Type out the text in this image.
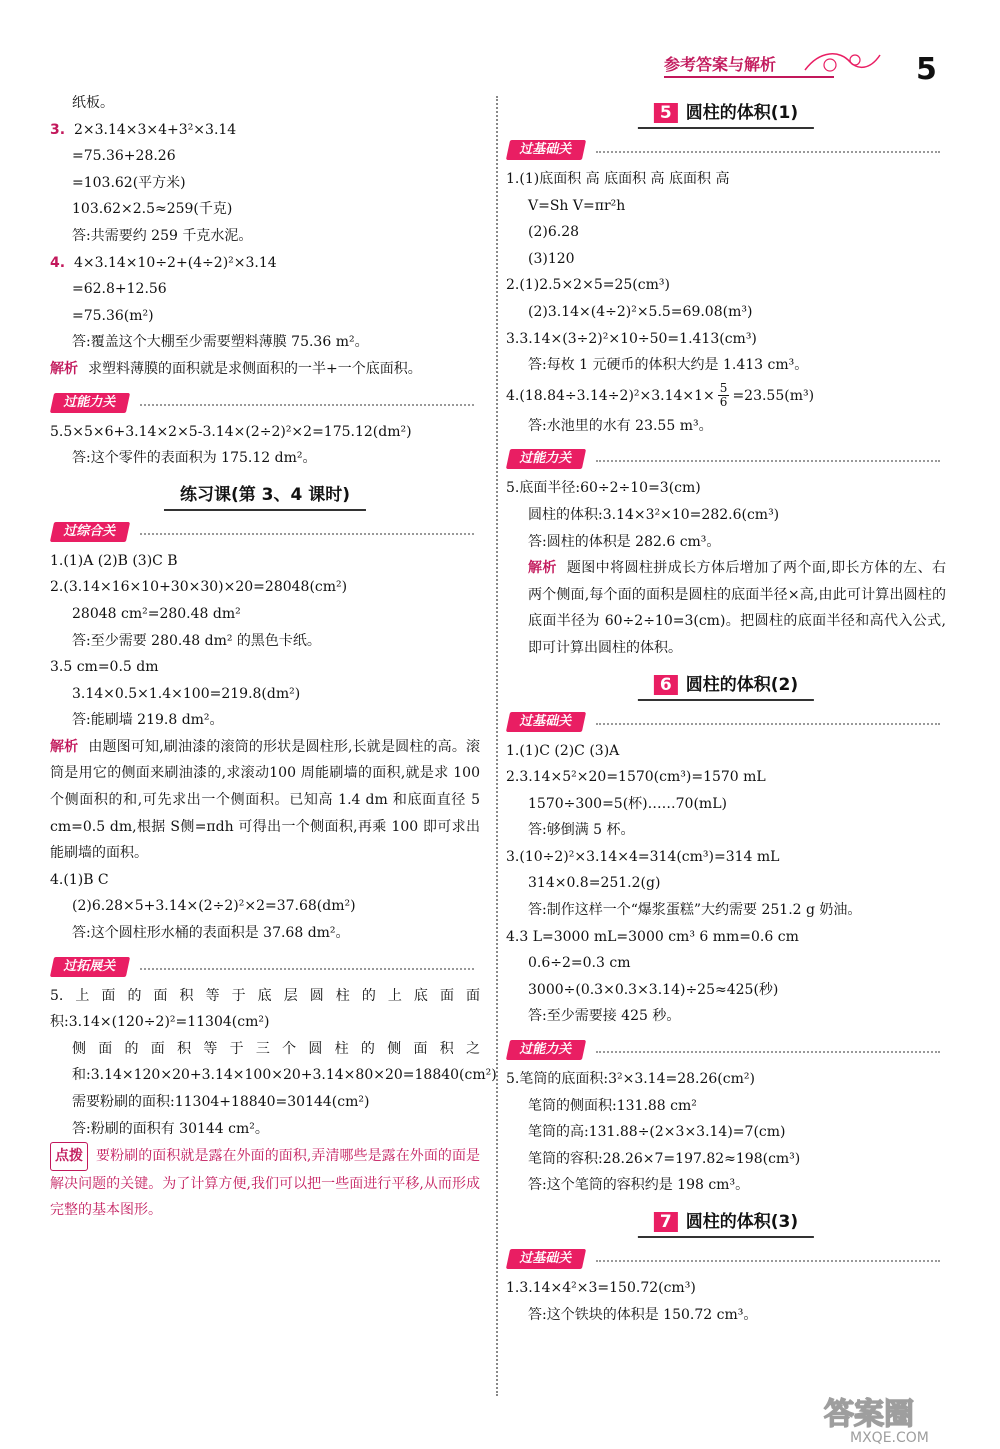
参考答案与解析	5
纸板。
3. 2×3.14×3×4+3²×3.14
=75.36+28.26
=103.62(平方米)
103.62×2.5≈259(千克)
答:共需要约 259 千克水泥。
4. 4×3.14×10÷2+(4÷2)²×3.14
=62.8+12.56
=75.36(m²)
答:覆盖这个大棚至少需要塑料薄膜 75.36 m²。
解析 求塑料薄膜的面积就是求侧面积的一半+一个底面积。
过能力关
5.5×5×6+3.14×2×5-3.14×(2÷2)²×2=175.12(dm²)
答:这个零件的表面积为 175.12 dm²。
练习课(第 3、4 课时)
过综合关
1.(1)A (2)B (3)C B
2.(3.14×16×10+30×30)×20=28048(cm²)
28048 cm²=280.48 dm²
答:至少需要 280.48 dm² 的黑色卡纸。
3.5 cm=0.5 dm
3.14×0.5×1.4×100=219.8(dm²)
答:能刷墙 219.8 dm²。
解析 由题图可知,刷油漆的滚筒的形状是圆柱形,长就是圆柱的高。滚筒是用它的侧面来刷油漆的,求滚动100 周能刷墙的面积,就是求 100 个侧面积的和,可先求出一个侧面积。已知高 1.4 dm 和底面直径 5 cm=0.5 dm,根据 S侧=πdh 可得出一个侧面积,再乘 100 即可求出能刷墙的面积。
4.(1)B C
(2)6.28×5+3.14×(2÷2)²×2=37.68(dm²)
答:这个圆柱形水桶的表面积是 37.68 dm²。
过拓展关
5.上面的面积等于底层圆柱的上底面面积:3.14×(120÷2)²=11304(cm²)
侧面的面积等于三个圆柱的侧面积之和:3.14×120×20+3.14×100×20+3.14×80×20=18840(cm²)
需要粉刷的面积:11304+18840=30144(cm²)
答:粉刷的面积有 30144 cm²。
点拨 要粉刷的面积就是露在外面的面积,弄清哪些是露在外面的面是解决问题的关键。为了计算方便,我们可以把一些面进行平移,从而形成完整的基本图形。
5 圆柱的体积(1)
过基础关
1.(1)底面积 高 底面积 高 底面积 高
V=Sh V=πr²h
(2)6.28
(3)120
2.(1)2.5×2×5=25(cm³)
(2)3.14×(4÷2)²×5.5=69.08(m³)
3.3.14×(3÷2)²×10÷50=1.413(cm³)
答:每枚 1 元硬币的体积大约是 1.413 cm³。
$4.(18.84\div 3.14\div 2)^2\times 3.14\times 1\times \frac{5}{6} =23.55(m^3)$
答:水池里的水有 23.55 m³。
过能力关
5.底面半径:60÷2÷10=3(cm)
圆柱的体积:3.14×3²×10=282.6(cm³)
答:圆柱的体积是 282.6 cm³。
解析 题图中将圆柱拼成长方体后增加了两个面,即长方体的左、右两个侧面,每个面的面积是圆柱的底面半径×高,由此可计算出圆柱的底面半径为 60÷2÷10=3(cm)。把圆柱的底面半径和高代入公式,即可计算出圆柱的体积。
6 圆柱的体积(2)
过基础关
1.(1)C (2)C (3)A
2.3.14×5²×20=1570(cm³)=1570 mL
1570÷300=5(杯)……70(mL)
答:够倒满 5 杯。
3.(10÷2)²×3.14×4=314(cm³)=314 mL
314×0.8=251.2(g)
答:制作这样一个“爆浆蛋糕”大约需要 251.2 g 奶油。
4.3 L=3000 mL=3000 cm³ 6 mm=0.6 cm
0.6÷2=0.3 cm
3000÷(0.3×0.3×3.14)÷25≈425(秒)
答:至少需要接 425 秒。
过能力关
5.笔筒的底面积:3²×3.14=28.26(cm²)
笔筒的侧面积:131.88 cm²
笔筒的高:131.88÷(2×3×3.14)=7(cm)
笔筒的容积:28.26×7=197.82≈198(cm³)
答:这个笔筒的容积约是 198 cm³。
7 圆柱的体积(3)
过基础关
1.3.14×4²×3=150.72(cm³)
答:这个铁块的体积是 150.72 cm³。
答案圈
MXQE.COM
